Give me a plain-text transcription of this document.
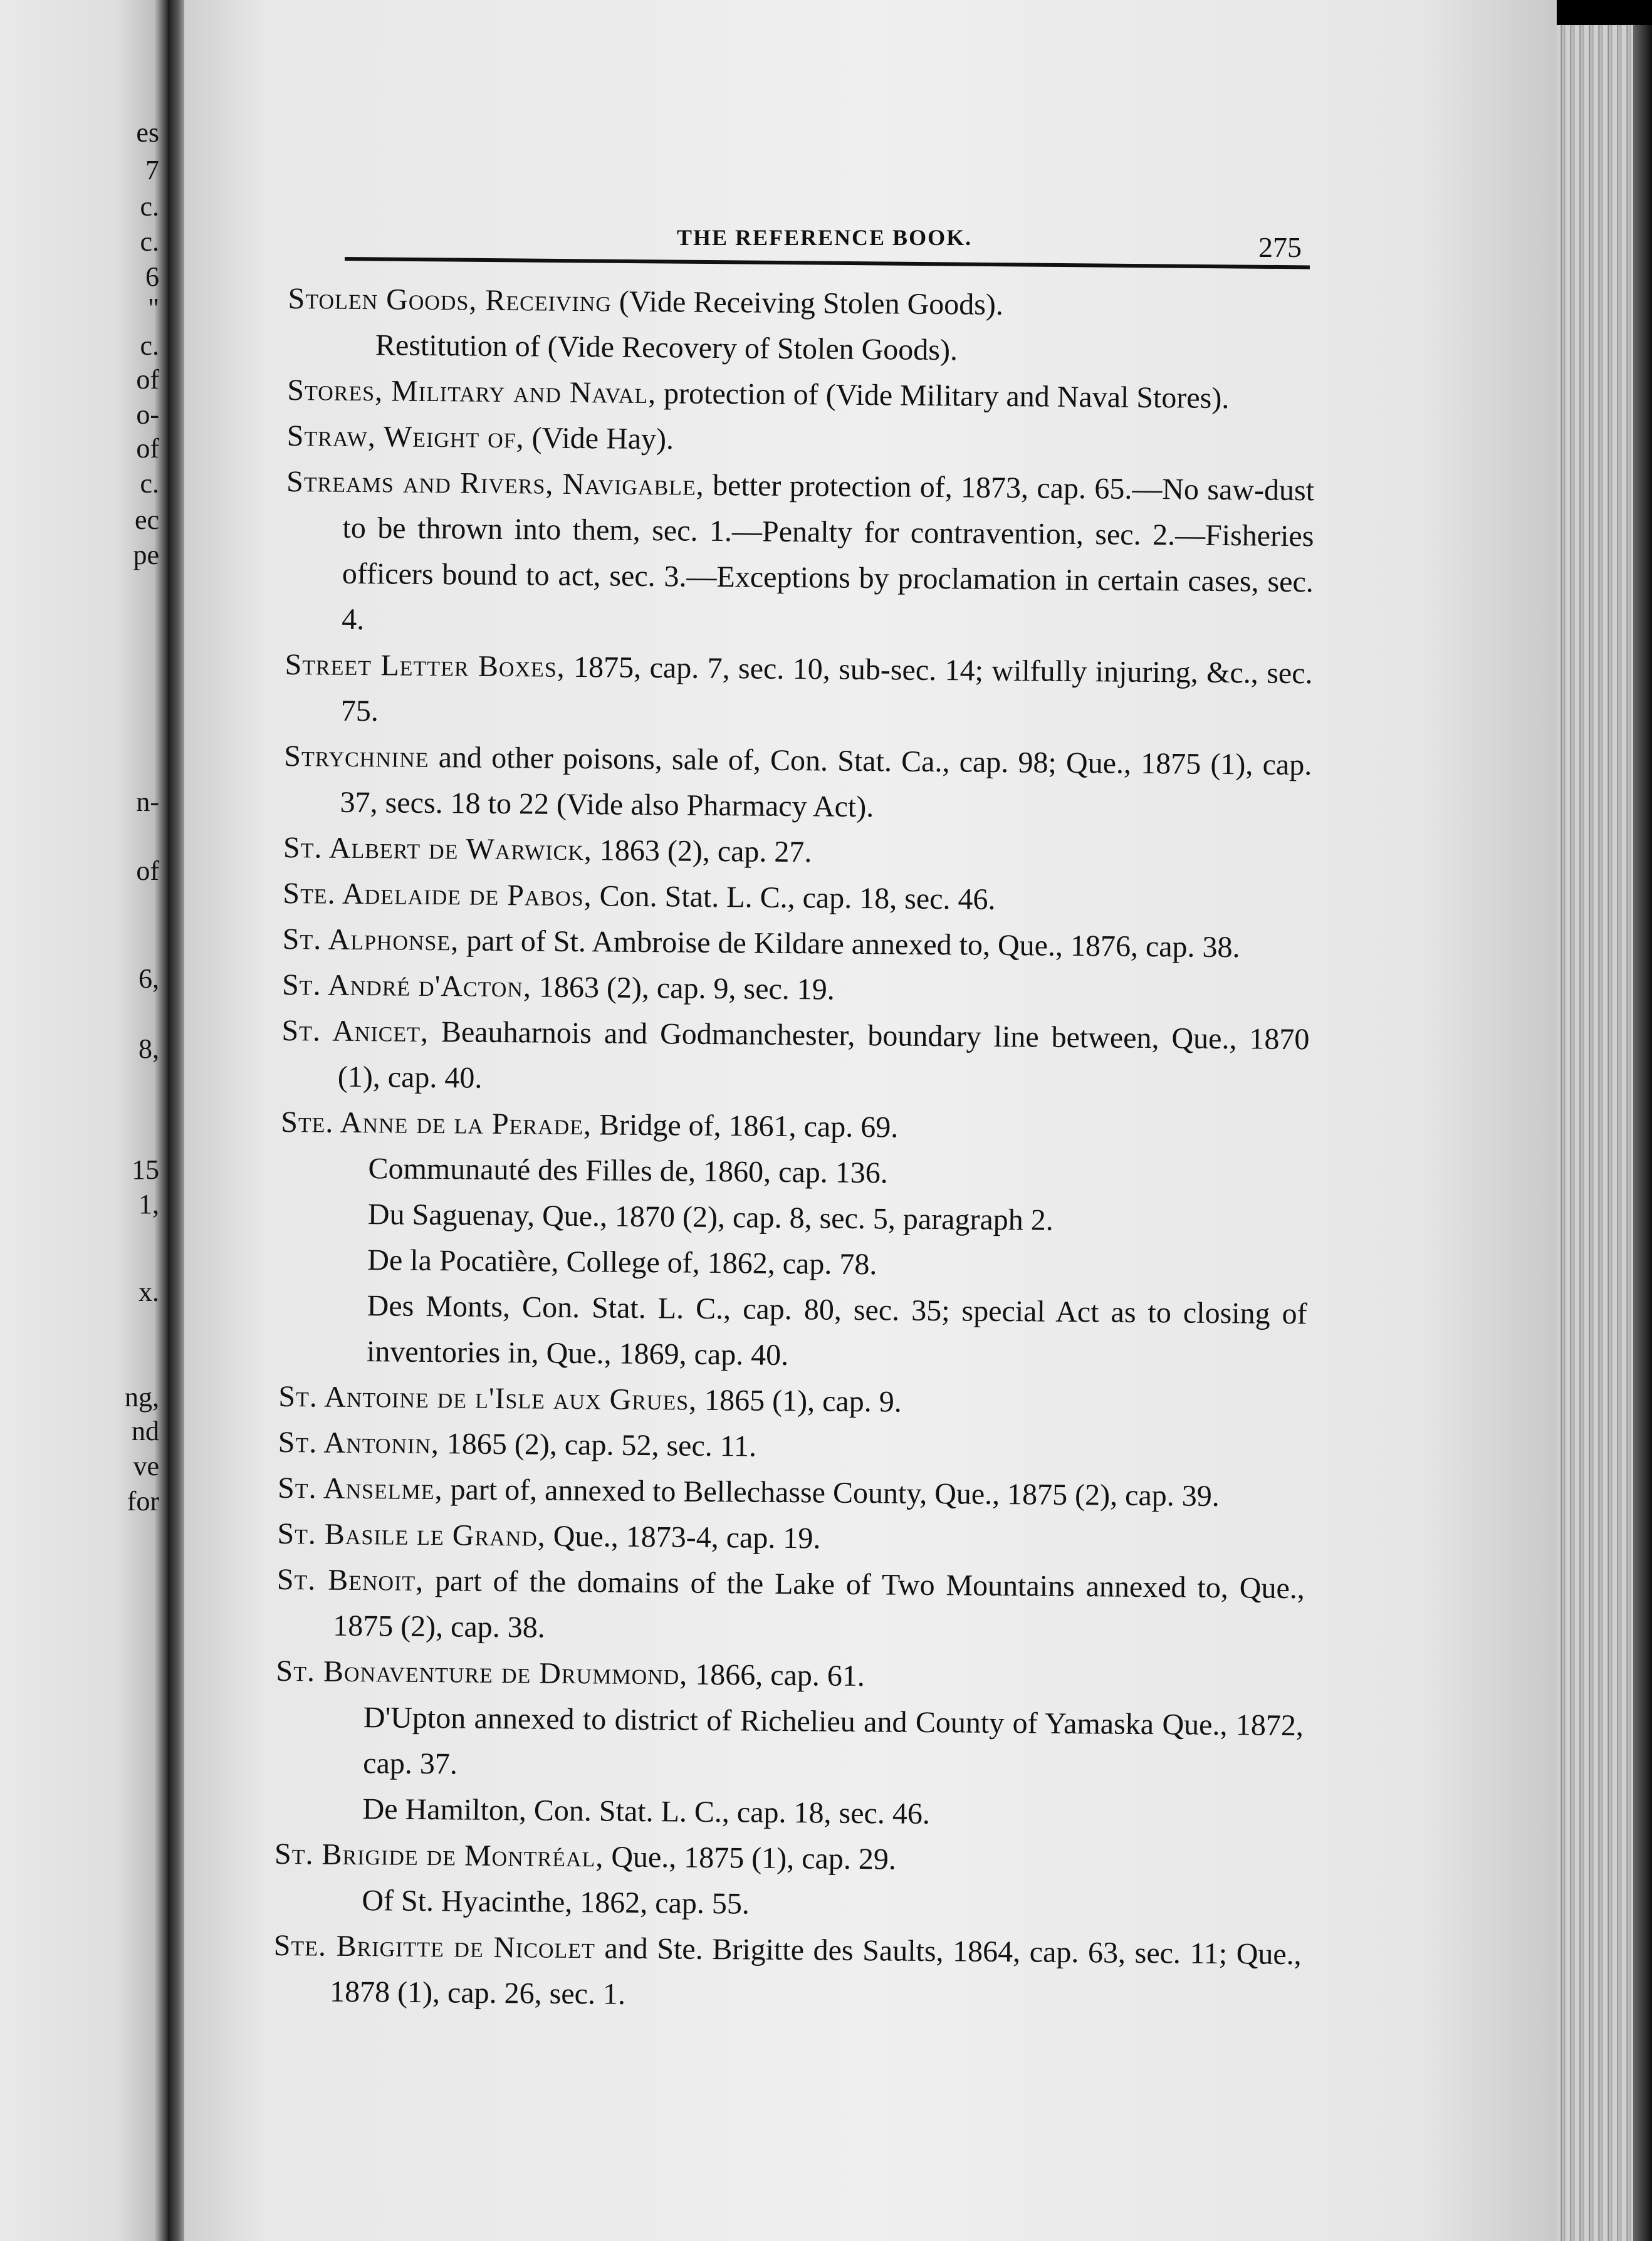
es
7
c.
c.
6
"
c.
of
o-
of
c.
ec
pe
n-
of
6,
8,
15
1,
x.
ng,
nd
ve
for
THE REFERENCE BOOK.	275

Stolen Goods, Receiving (Vide Receiving Stolen Goods).

Restitution of (Vide Recovery of Stolen Goods).

Stores, Military and Naval, protection of (Vide Military and Naval Stores).

Straw, Weight of, (Vide Hay).

Streams and Rivers, Navigable, better protection of, 1873, cap. 65.—No saw-dust to be thrown into them, sec. 1.—Penalty for contravention, sec. 2.—Fisheries officers bound to act, sec. 3.—Exceptions by proclamation in certain cases, sec. 4.

Street Letter Boxes, 1875, cap. 7, sec. 10, sub-sec. 14; wilfully injuring, &c., sec. 75.

Strychnine and other poisons, sale of, Con. Stat. Ca., cap. 98; Que., 1875 (1), cap. 37, secs. 18 to 22 (Vide also Pharmacy Act).

St. Albert de Warwick, 1863 (2), cap. 27.

Ste. Adelaide de Pabos, Con. Stat. L. C., cap. 18, sec. 46.

St. Alphonse, part of St. Ambroise de Kildare annexed to, Que., 1876, cap. 38.

St. André d'Acton, 1863 (2), cap. 9, sec. 19.

St. Anicet, Beauharnois and Godmanchester, boundary line between, Que., 1870 (1), cap. 40.

Ste. Anne de la Perade, Bridge of, 1861, cap. 69.

Communauté des Filles de, 1860, cap. 136.

Du Saguenay, Que., 1870 (2), cap. 8, sec. 5, paragraph 2.

De la Pocatière, College of, 1862, cap. 78.

Des Monts, Con. Stat. L. C., cap. 80, sec. 35; special Act as to closing of inventories in, Que., 1869, cap. 40.

St. Antoine de l'Isle aux Grues, 1865 (1), cap. 9.

St. Antonin, 1865 (2), cap. 52, sec. 11.

St. Anselme, part of, annexed to Bellechasse County, Que., 1875 (2), cap. 39.

St. Basile le Grand, Que., 1873-4, cap. 19.

St. Benoit, part of the domains of the Lake of Two Mountains annexed to, Que., 1875 (2), cap. 38.

St. Bonaventure de Drummond, 1866, cap. 61.

D'Upton annexed to district of Richelieu and County of Yamaska Que., 1872, cap. 37.

De Hamilton, Con. Stat. L. C., cap. 18, sec. 46.

St. Brigide de Montréal, Que., 1875 (1), cap. 29.

Of St. Hyacinthe, 1862, cap. 55.

Ste. Brigitte de Nicolet and Ste. Brigitte des Saults, 1864, cap. 63, sec. 11; Que., 1878 (1), cap. 26, sec. 1.
